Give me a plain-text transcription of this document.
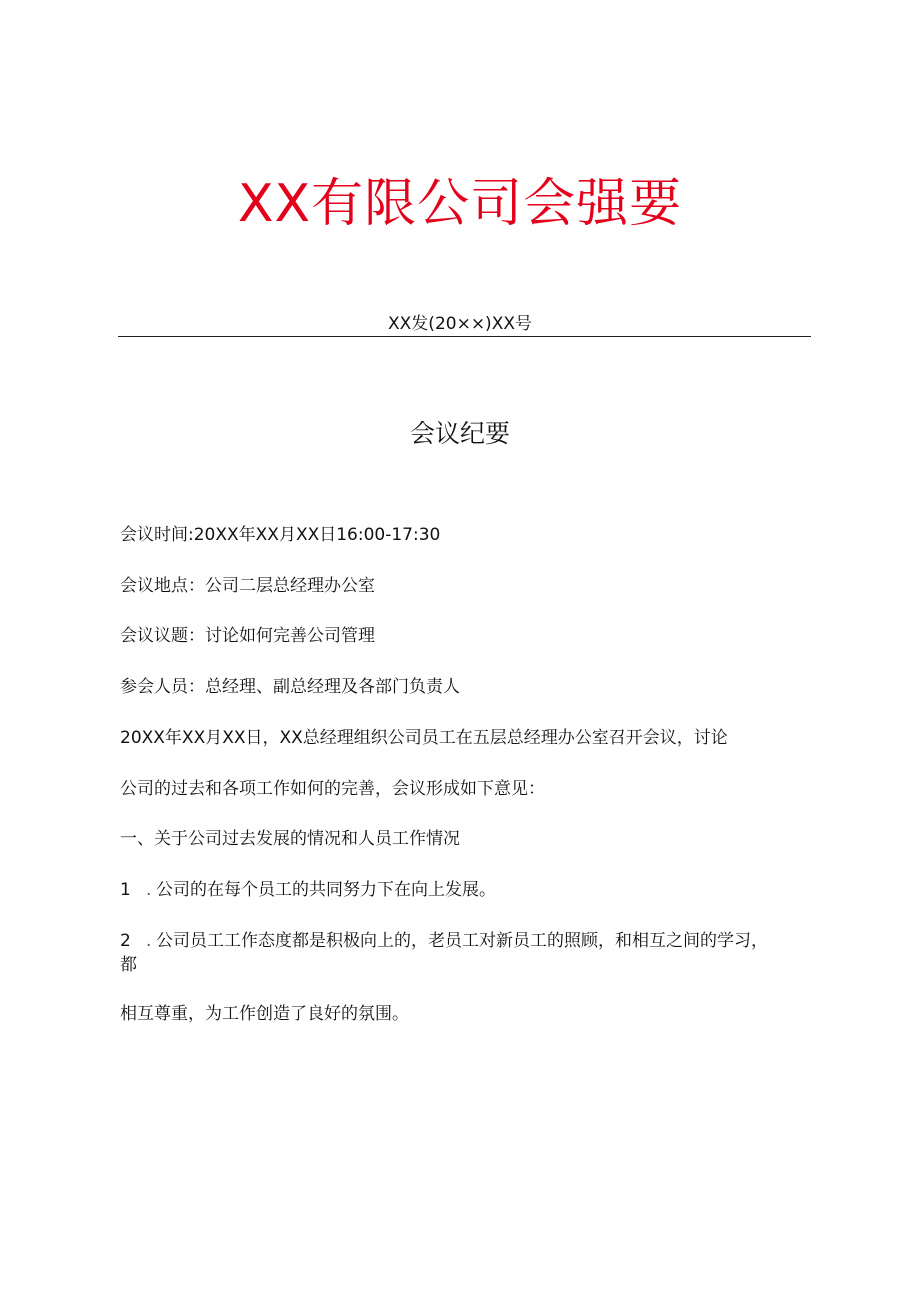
XX有限公司会强要
XX发(20××)XX号
会议纪要
会议时间:20XX年XX月XX日16:00-17:30
会议地点：公司二层总经理办公室
会议议题：讨论如何完善公司管理
参会人员：总经理、副总经理及各部门负责人
20XX年XX月XX日，XX总经理组织公司员工在五层总经理办公室召开会议，讨论
公司的过去和各项工作如何的完善，会议形成如下意见：
一、关于公司过去发展的情况和人员工作情况
1 . 公司的在每个员工的共同努力下在向上发展。
2 . 公司员工工作态度都是积极向上的，老员工对新员工的照顾，和相互之间的学习，
都
相互尊重，为工作创造了良好的氛围。
